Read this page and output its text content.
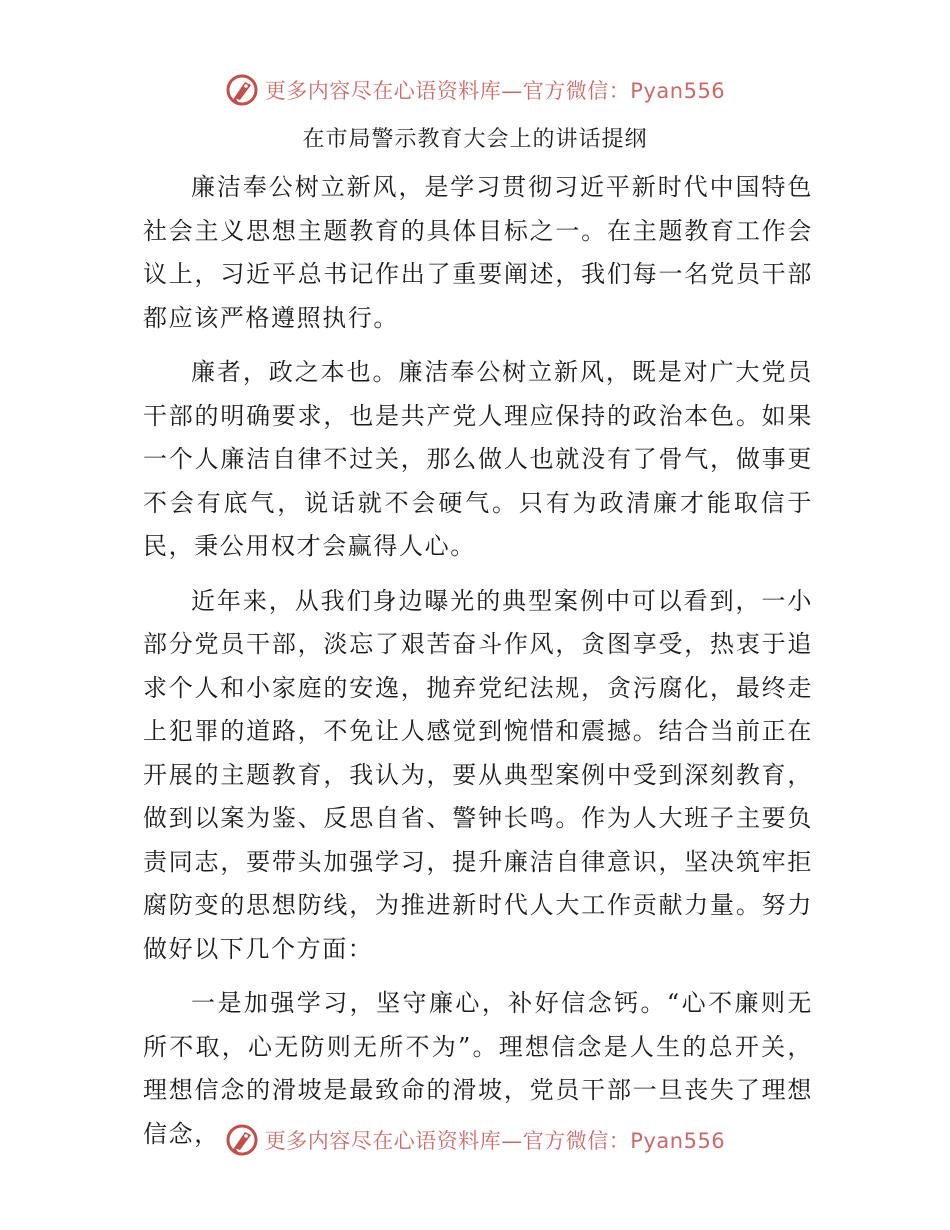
更多内容尽在心语资料库—官方微信：Pyan556
在市局警示教育大会上的讲话提纲

廉洁奉公树立新风，是学习贯彻习近平新时代中国特色社会主义思想主题教育的具体目标之一。在主题教育工作会议上，习近平总书记作出了重要阐述，我们每一名党员干部都应该严格遵照执行。

廉者，政之本也。廉洁奉公树立新风，既是对广大党员干部的明确要求，也是共产党人理应保持的政治本色。如果一个人廉洁自律不过关，那么做人也就没有了骨气，做事更不会有底气，说话就不会硬气。只有为政清廉才能取信于民，秉公用权才会赢得人心。

近年来，从我们身边曝光的典型案例中可以看到，一小部分党员干部，淡忘了艰苦奋斗作风，贪图享受，热衷于追求个人和小家庭的安逸，抛弃党纪法规，贪污腐化，最终走上犯罪的道路，不免让人感觉到惋惜和震撼。结合当前正在开展的主题教育，我认为，要从典型案例中受到深刻教育，做到以案为鉴、反思自省、警钟长鸣。作为人大班子主要负责同志，要带头加强学习，提升廉洁自律意识，坚决筑牢拒腐防变的思想防线，为推进新时代人大工作贡献力量。努力做好以下几个方面：

一是加强学习，坚守廉心，补好信念钙。“心不廉则无所不取，心无防则无所不为”。理想信念是人生的总开关，理想信念的滑坡是最致命的滑坡，党员干部一旦丧失了理想信念，	更多内容尽在心语资料库—官方微信：Pyan556
